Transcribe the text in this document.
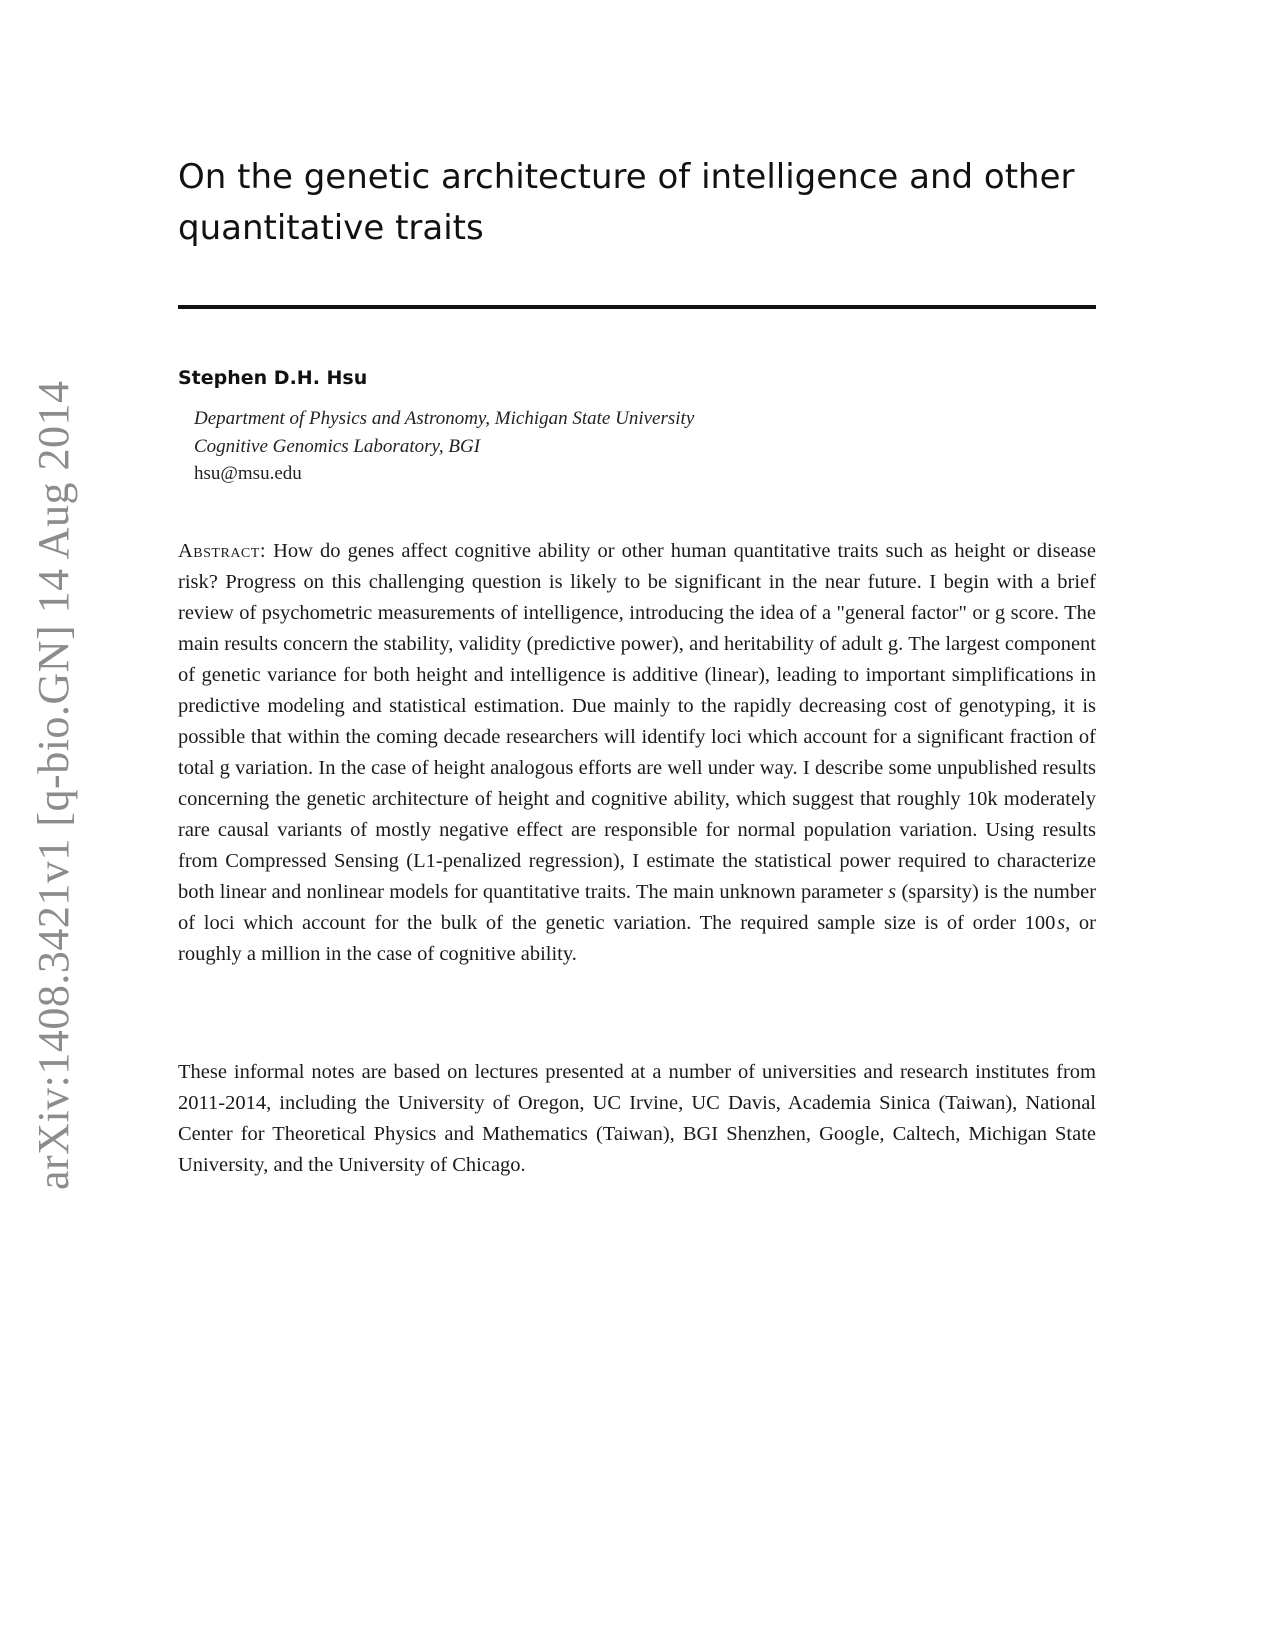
arXiv:1408.3421v1 [q-bio.GN] 14 Aug 2014
On the genetic architecture of intelligence and other quantitative traits
Stephen D.H. Hsu
Department of Physics and Astronomy, Michigan State University
Cognitive Genomics Laboratory, BGI
hsu@msu.edu

Abstract: How do genes affect cognitive ability or other human quantitative traits such as height or disease risk? Progress on this challenging question is likely to be significant in the near future. I begin with a brief review of psychometric measurements of intelligence, introducing the idea of a "general factor" or g score. The main results concern the stability, validity (predictive power), and heritability of adult g. The largest component of genetic variance for both height and intelligence is additive (linear), leading to important simplifications in predictive modeling and statistical estimation. Due mainly to the rapidly decreasing cost of genotyping, it is possible that within the coming decade researchers will identify loci which account for a significant fraction of total g variation. In the case of height analogous efforts are well under way. I describe some unpublished results concerning the genetic architecture of height and cognitive ability, which suggest that roughly 10k moderately rare causal variants of mostly negative effect are responsible for normal population variation. Using results from Compressed Sensing (L1-penalized regression), I estimate the statistical power required to characterize both linear and nonlinear models for quantitative traits. The main unknown parameter s (sparsity) is the number of loci which account for the bulk of the genetic variation. The required sample size is of order 100 s, or roughly a million in the case of cognitive ability.

These informal notes are based on lectures presented at a number of universities and research institutes from 2011-2014, including the University of Oregon, UC Irvine, UC Davis, Academia Sinica (Taiwan), National Center for Theoretical Physics and Mathematics (Taiwan), BGI Shenzhen, Google, Caltech, Michigan State University, and the University of Chicago.
